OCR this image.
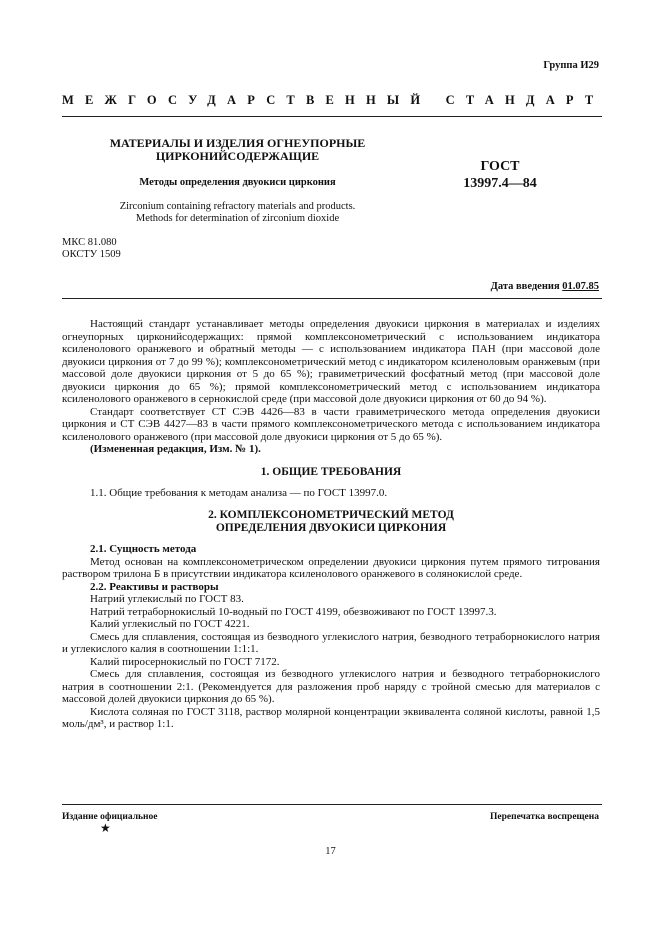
Группа И29
МЕЖГОСУДАРСТВЕННЫЙ СТАНДАРТ
МАТЕРИАЛЫ И ИЗДЕЛИЯ ОГНЕУПОРНЫЕ
ЦИРКОНИЙСОДЕРЖАЩИЕ
Методы определения двуокиси циркония
ГОСТ
13997.4—84
Zirconium containing refractory materials and products.
Methods for determination of zirconium dioxide
МКС 81.080
ОКСТУ 1509
Дата введения 01.07.85

Настоящий стандарт устанавливает методы определения двуокиси циркония в материалах и изделиях огнеупорных цирконийсодержащих: прямой комплексонометрический с использованием индикатора ксиленолового оранжевого и обратный методы — с использованием индикатора ПАН (при массовой доле двуокиси циркония от 7 до 99 %); комплексонометрический метод с индикатором ксиленоловым оранжевым (при массовой доле двуокиси циркония от 5 до 65 %); гравиметрический фосфатный метод (при массовой доле двуокиси циркония до 65 %); прямой комплексонометрический метод с использованием индикатора ксиленолового оранжевого в сернокислой среде (при массовой доле двуокиси циркония от 60 до 94 %).

Стандарт соответствует СТ СЭВ 4426—83 в части гравиметрического метода определения двуокиси циркония и СТ СЭВ 4427—83 в части прямого комплексонометрического метода с использованием индикатора ксиленолового оранжевого (при массовой доле двуокиси циркония от 5 до 65 %).

(Измененная редакция, Изм. № 1).

1. ОБЩИЕ ТРЕБОВАНИЯ

1.1. Общие требования к методам анализа — по ГОСТ 13997.0.

2. КОМПЛЕКСОНОМЕТРИЧЕСКИЙ МЕТОД
ОПРЕДЕЛЕНИЯ ДВУОКИСИ ЦИРКОНИЯ

2.1. Сущность метода

Метод основан на комплексонометрическом определении двуокиси циркония путем прямого титрования раствором трилона Б в присутствии индикатора ксиленолового оранжевого в солянокислой среде.

2.2. Реактивы и растворы

Натрий углекислый по ГОСТ 83.

Натрий тетраборнокислый 10-водный по ГОСТ 4199, обезвоживают по ГОСТ 13997.3.

Калий углекислый по ГОСТ 4221.

Смесь для сплавления, состоящая из безводного углекислого натрия, безводного тетраборнокислого натрия и углекислого калия в соотношении 1:1:1.

Калий пиросернокислый по ГОСТ 7172.

Смесь для сплавления, состоящая из безводного углекислого натрия и безводного тетраборнокислого натрия в соотношении 2:1. (Рекомендуется для разложения проб наряду с тройной смесью для материалов с массовой долей двуокиси циркония до 65 %).

Кислота соляная по ГОСТ 3118, раствор молярной концентрации эквивалента соляной кислоты, равной 1,5 моль/дм³, и раствор 1:1.

Издание официальное	Перепечатка воспрещена
★
17
